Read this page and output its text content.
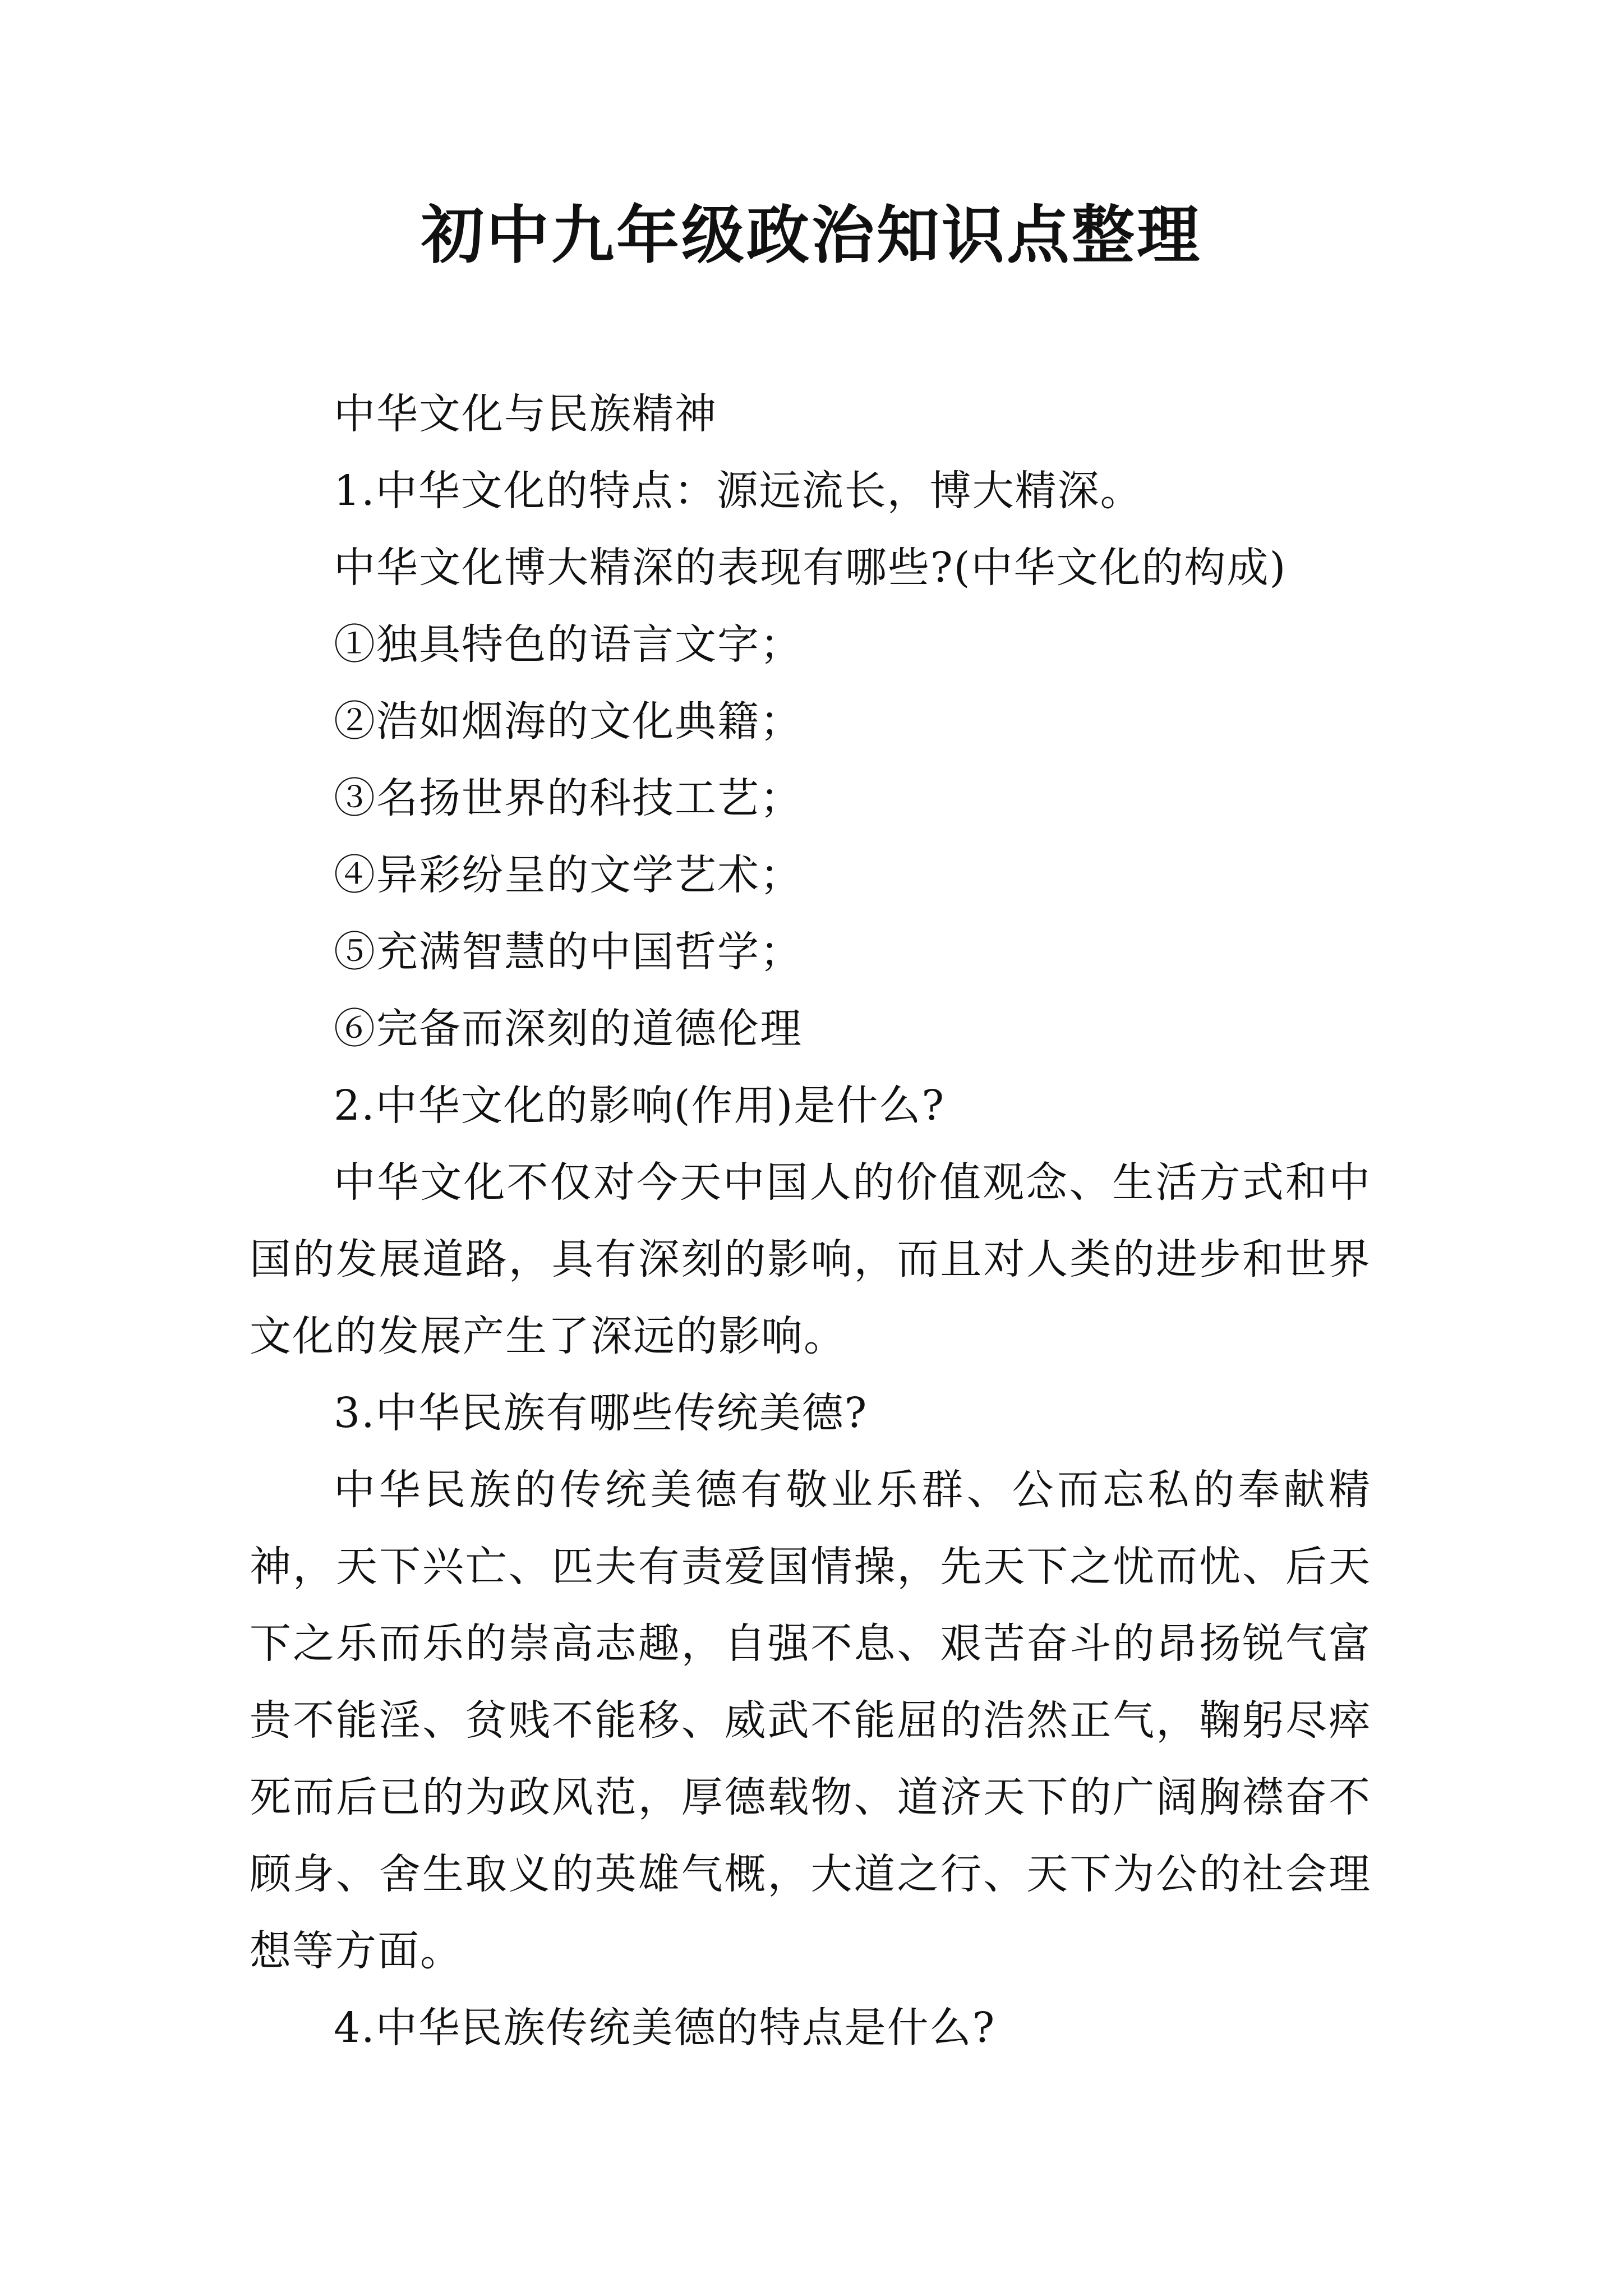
初中九年级政治知识点整理

中华文化与民族精神

1.中华文化的特点：源远流长，博大精深。

中华文化博大精深的表现有哪些?(中华文化的构成)

①独具特色的语言文字；

②浩如烟海的文化典籍；

③名扬世界的科技工艺；

④异彩纷呈的文学艺术；

⑤充满智慧的中国哲学；

⑥完备而深刻的道德伦理

2.中华文化的影响(作用)是什么?

中华文化不仅对今天中国人的价值观念、生活方式和中国的发展道路，具有深刻的影响，而且对人类的进步和世界文化的发展产生了深远的影响。

3.中华民族有哪些传统美德?

中华民族的传统美德有敬业乐群、公而忘私的奉献精神，天下兴亡、匹夫有责爱国情操，先天下之忧而忧、后天下之乐而乐的崇高志趣，自强不息、艰苦奋斗的昂扬锐气富贵不能淫、贫贱不能移、威武不能屈的浩然正气，鞠躬尽瘁死而后已的为政风范，厚德载物、道济天下的广阔胸襟奋不顾身、舍生取义的英雄气概，大道之行、天下为公的社会理想等方面。

4.中华民族传统美德的特点是什么?
